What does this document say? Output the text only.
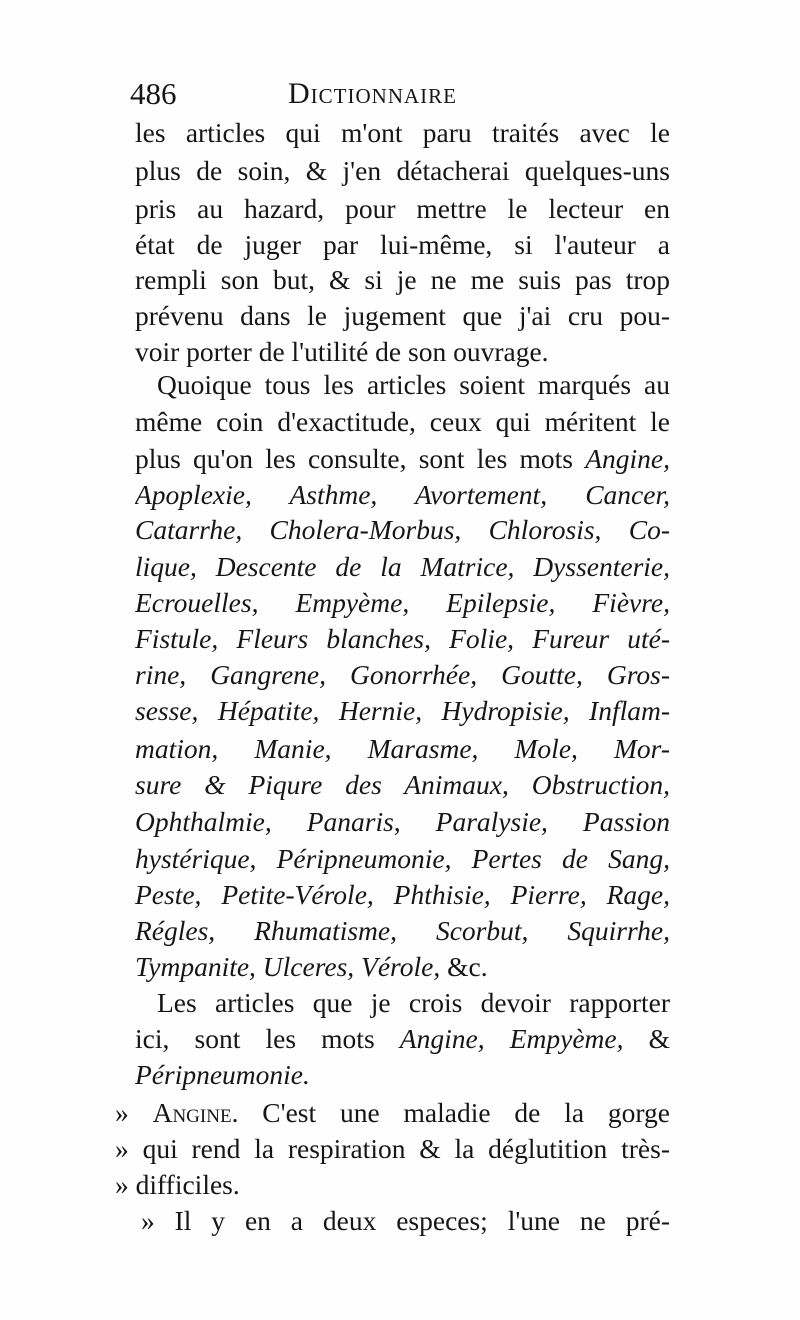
486	Dictionnaire
les articles qui m'ont paru traités avec le
plus de soin, & j'en détacherai quelques-uns
pris au hazard, pour mettre le lecteur en
état de juger par lui-même, si l'auteur a
rempli son but, & si je ne me suis pas trop
prévenu dans le jugement que j'ai cru pou-
voir porter de l'utilité de son ouvrage.
Quoique tous les articles soient marqués au
même coin d'exactitude, ceux qui méritent le
plus qu'on les consulte, sont les mots Angine,
Apoplexie, Asthme, Avortement, Cancer,
Catarrhe, Cholera-Morbus, Chlorosis, Co-
lique, Descente de la Matrice, Dyssenterie,
Ecrouelles, Empyème, Epilepsie, Fièvre,
Fistule, Fleurs blanches, Folie, Fureur uté-
rine, Gangrene, Gonorrhée, Goutte, Gros-
sesse, Hépatite, Hernie, Hydropisie, Inflam-
mation, Manie, Marasme, Mole, Mor-
sure & Piqure des Animaux, Obstruction,
Ophthalmie, Panaris, Paralysie, Passion
hystérique, Péripneumonie, Pertes de Sang,
Peste, Petite-Vérole, Phthisie, Pierre, Rage,
Régles, Rhumatisme, Scorbut, Squirrhe,
Tympanite, Ulceres, Vérole, &c.
Les articles que je crois devoir rapporter
ici, sont les mots Angine, Empyème, &
Péripneumonie.
» Angine. C'est une maladie de la gorge
» qui rend la respiration & la déglutition très-
» difficiles.
» Il y en a deux especes; l'une ne pré-
